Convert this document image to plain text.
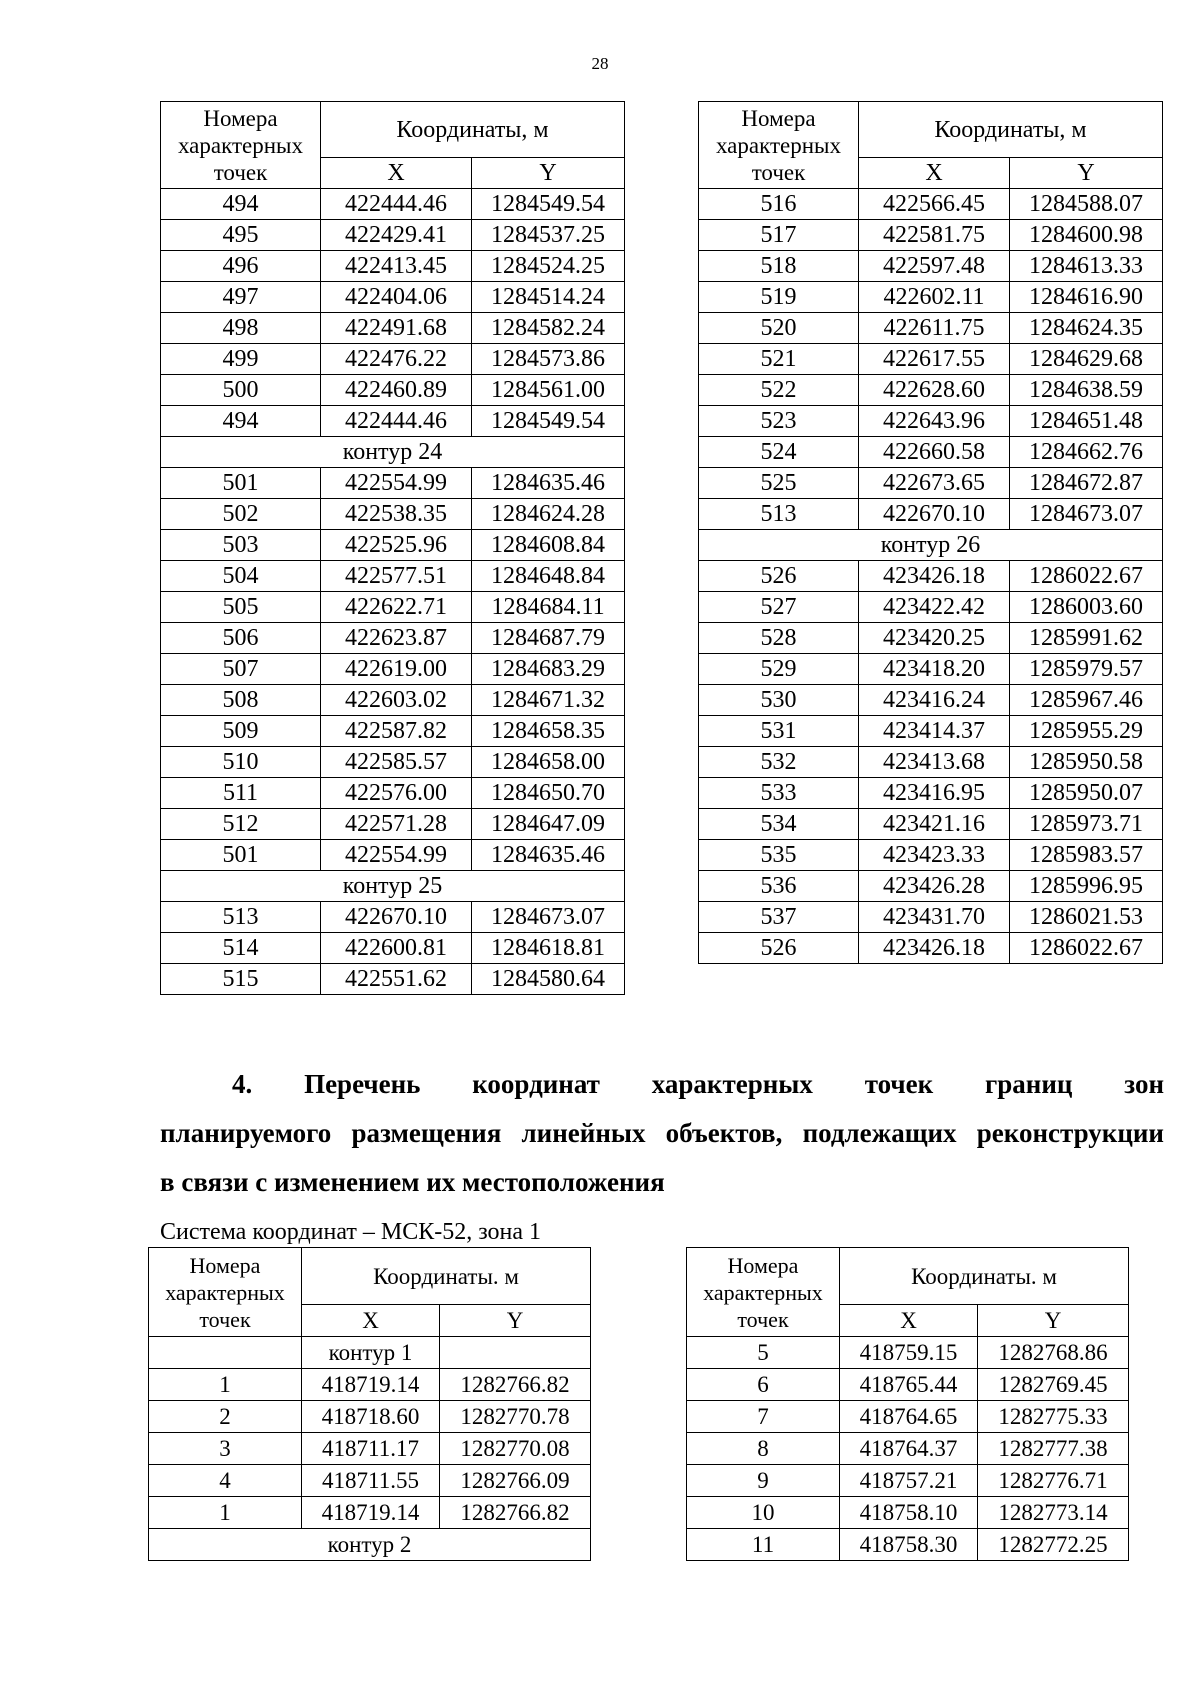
28
Номера характерных точек	Координаты, м	
	X	Y
494	422444.46	1284549.54
495	422429.41	1284537.25
496	422413.45	1284524.25
497	422404.06	1284514.24
498	422491.68	1284582.24
499	422476.22	1284573.86
500	422460.89	1284561.00
494	422444.46	1284549.54
контур 24		
501	422554.99	1284635.46
502	422538.35	1284624.28
503	422525.96	1284608.84
504	422577.51	1284648.84
505	422622.71	1284684.11
506	422623.87	1284687.79
507	422619.00	1284683.29
508	422603.02	1284671.32
509	422587.82	1284658.35
510	422585.57	1284658.00
511	422576.00	1284650.70
512	422571.28	1284647.09
501	422554.99	1284635.46
контур 25		
513	422670.10	1284673.07
514	422600.81	1284618.81
515	422551.62	1284580.64
Номера характерных точек	Координаты, м	
	X	Y
516	422566.45	1284588.07
517	422581.75	1284600.98
518	422597.48	1284613.33
519	422602.11	1284616.90
520	422611.75	1284624.35
521	422617.55	1284629.68
522	422628.60	1284638.59
523	422643.96	1284651.48
524	422660.58	1284662.76
525	422673.65	1284672.87
513	422670.10	1284673.07
контур 26		
526	423426.18	1286022.67
527	423422.42	1286003.60
528	423420.25	1285991.62
529	423418.20	1285979.57
530	423416.24	1285967.46
531	423414.37	1285955.29
532	423413.68	1285950.58
533	423416.95	1285950.07
534	423421.16	1285973.71
535	423423.33	1285983.57
536	423426.28	1285996.95
537	423431.70	1286021.53
526	423426.18	1286022.67
4. Перечень координат характерных точек границ зон
планируемого размещения линейных объектов, подлежащих реконструкции
в связи с изменением их местоположения
Система координат – МСК-52, зона 1
Номера характерных точек	Координаты. м	
	X	Y
	контур 1	
1	418719.14	1282766.82
2	418718.60	1282770.78
3	418711.17	1282770.08
4	418711.55	1282766.09
1	418719.14	1282766.82
контур 2		
Номера характерных точек	Координаты. м	
	X	Y
5	418759.15	1282768.86
6	418765.44	1282769.45
7	418764.65	1282775.33
8	418764.37	1282777.38
9	418757.21	1282776.71
10	418758.10	1282773.14
11	418758.30	1282772.25
